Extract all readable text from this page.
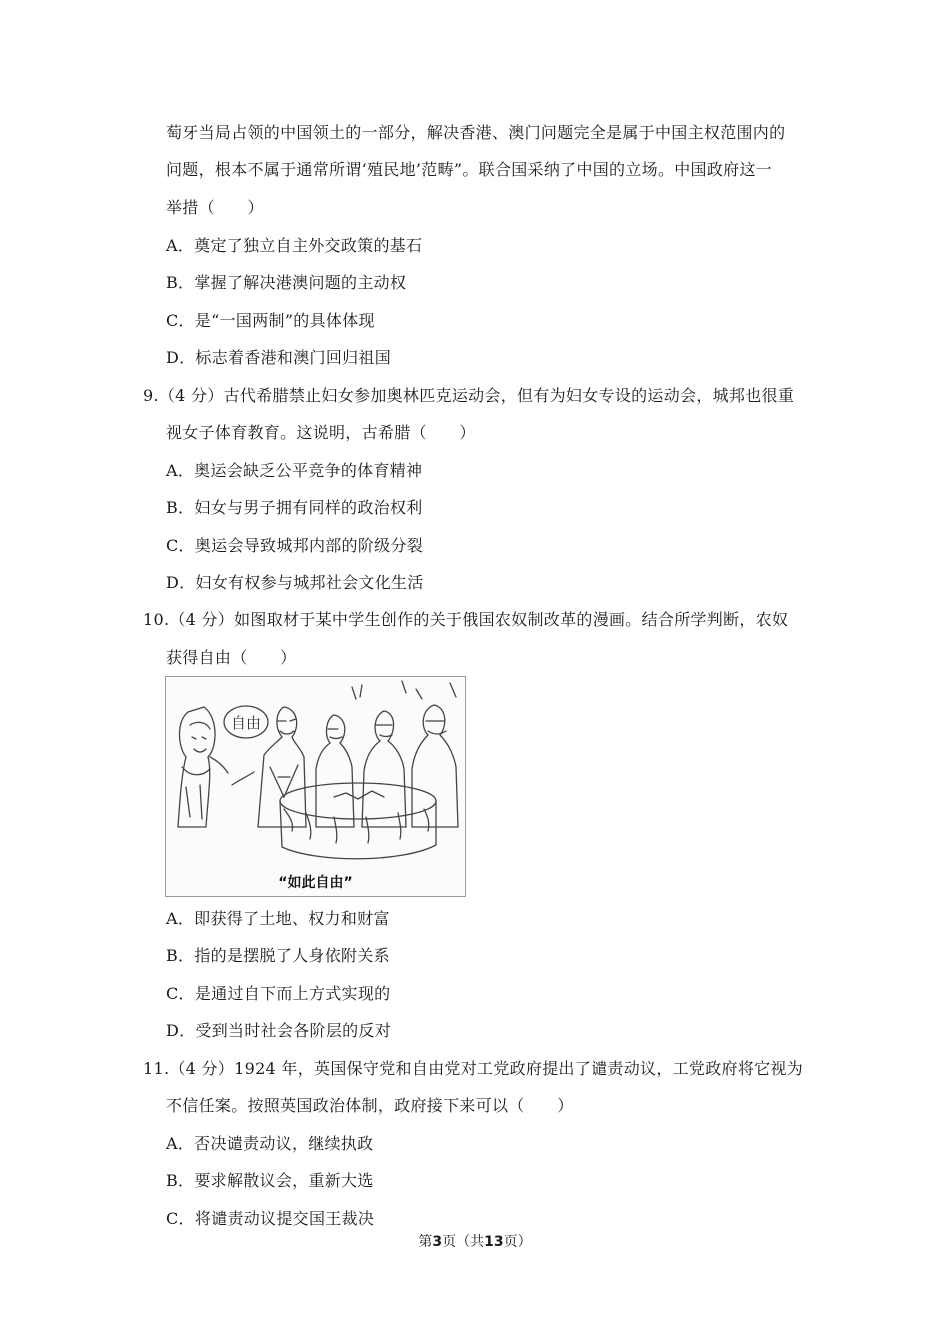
萄牙当局占领的中国领土的一部分，解决香港、澳门问题完全是属于中国主权范围内的
问题，根本不属于通常所谓‘殖民地’范畴”。联合国采纳了中国的立场。中国政府这一
举措（　　）
A．奠定了独立自主外交政策的基石
B．掌握了解决港澳问题的主动权
C．是“一国两制”的具体体现
D．标志着香港和澳门回归祖国
9.（4 分）古代希腊禁止妇女参加奥林匹克运动会，但有为妇女专设的运动会，城邦也很重
视女子体育教育。这说明，古希腊（　　）
A．奥运会缺乏公平竞争的体育精神
B．妇女与男子拥有同样的政治权利
C．奥运会导致城邦内部的阶级分裂
D．妇女有权参与城邦社会文化生活
10.（4 分）如图取材于某中学生创作的关于俄国农奴制改革的漫画。结合所学判断，农奴
获得自由（　　）
自由
“如此自由”
A．即获得了土地、权力和财富
B．指的是摆脱了人身依附关系
C．是通过自下而上方式实现的
D．受到当时社会各阶层的反对
11.（4 分）1924 年，英国保守党和自由党对工党政府提出了谴责动议，工党政府将它视为
不信任案。按照英国政治体制，政府接下来可以（　　）
A．否决谴责动议，继续执政
B．要求解散议会，重新大选
C．将谴责动议提交国王裁决
第3页（共13页）
